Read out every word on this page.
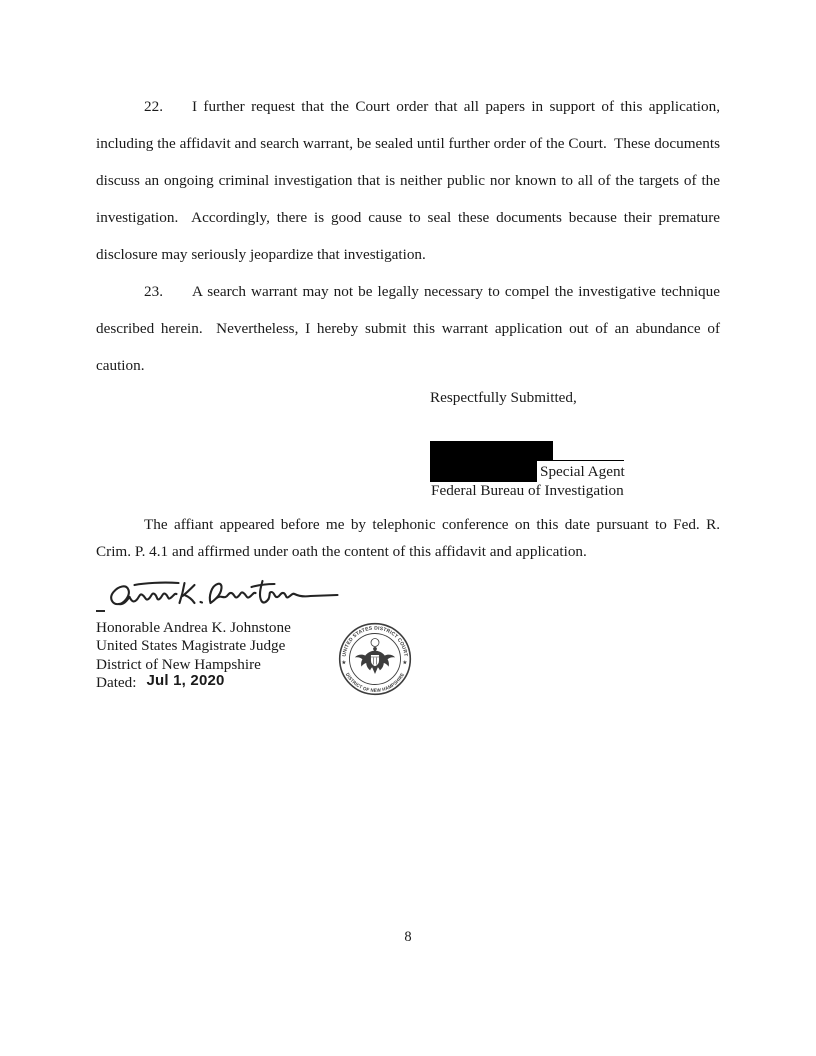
22. I further request that the Court order that all papers in support of this application, including the affidavit and search warrant, be sealed until further order of the Court.  These documents discuss an ongoing criminal investigation that is neither public nor known to all of the targets of the investigation.  Accordingly, there is good cause to seal these documents because their premature disclosure may seriously jeopardize that investigation.

23. A search warrant may not be legally necessary to compel the investigative technique described herein.  Nevertheless, I hereby submit this warrant application out of an abundance of caution.

Respectfully Submitted,
Special Agent
Federal Bureau of Investigation

The affiant appeared before me by telephonic conference on this date pursuant to Fed. R. Crim. P. 4.1 and affirmed under oath the content of this affidavit and application.

Honorable Andrea K. Johnstone
United States Magistrate Judge
District of New Hampshire
Dated: Jul 1, 2020
UNITED STATES DISTRICT COURT
DISTRICT OF NEW HAMPSHIRE
★	★
8
